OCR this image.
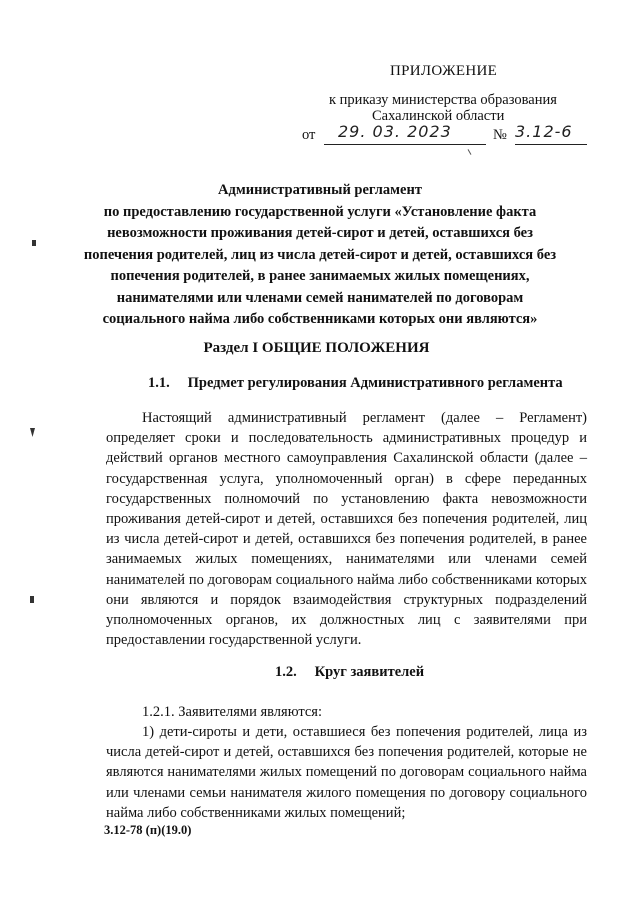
ПРИЛОЖЕНИЕ
к приказу министерства образования
Сахалинской области
от 29. 03. 2023	№ 3.12-6
Административный регламент
по предоставлению государственной услуги «Установление факта
невозможности проживания детей-сирот и детей, оставшихся без
попечения родителей, лиц из числа детей-сирот и детей, оставшихся без
попечения родителей, в ранее занимаемых жилых помещениях,
нанимателями или членами семей нанимателей по договорам
социального найма либо собственниками которых они являются»
Раздел I ОБЩИЕ ПОЛОЖЕНИЯ
1.1. Предмет регулирования Административного регламента
Настоящий административный регламент (далее – Регламент) определяет сроки и последовательность административных процедур и действий органов местного самоуправления Сахалинской области (далее – государственная услуга, уполномоченный орган) в сфере переданных государственных полномочий по установлению факта невозможности проживания детей-сирот и детей, оставшихся без попечения родителей, лиц из числа детей-сирот и детей, оставшихся без попечения родителей, в ранее занимаемых жилых помещениях, нанимателями или членами семей нанимателей по договорам социального найма либо собственниками которых они являются и порядок взаимодействия структурных подразделений уполномоченных органов, их должностных лиц с заявителями при предоставлении государственной услуги.
1.2. Круг заявителей
1.2.1. Заявителями являются:
1) дети-сироты и дети, оставшиеся без попечения родителей, лица из числа детей-сирот и детей, оставшихся без попечения родителей, которые не являются нанимателями жилых помещений по договорам социального найма или членами семьи нанимателя жилого помещения по договору социального найма либо собственниками жилых помещений;
3.12-78 (п)(19.0)
